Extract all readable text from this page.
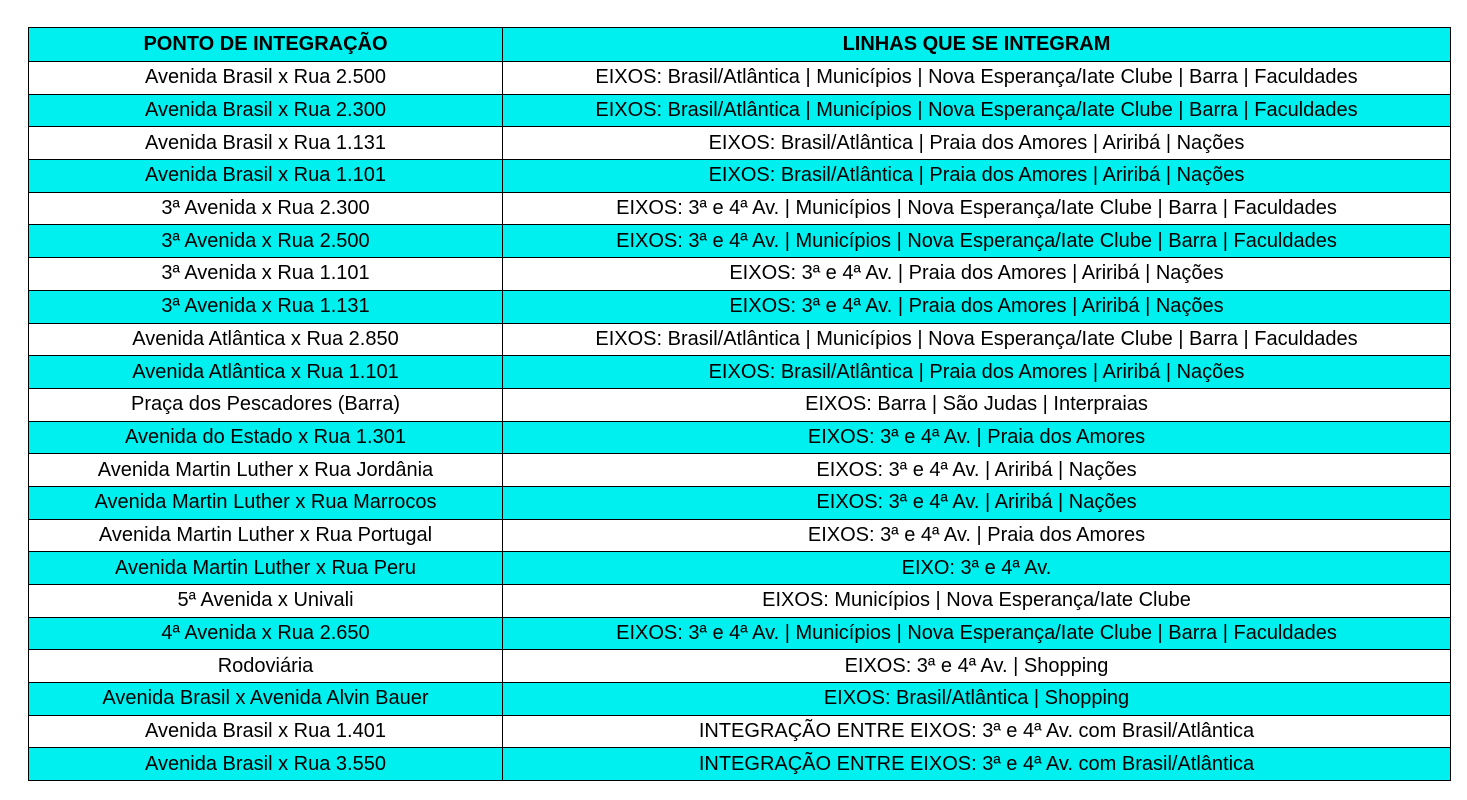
PONTO DE INTEGRAÇÃO	LINHAS QUE SE INTEGRAM
Avenida Brasil x Rua 2.500	EIXOS: Brasil/Atlântica | Municípios | Nova Esperança/Iate Clube | Barra | Faculdades
Avenida Brasil x Rua 2.300	EIXOS: Brasil/Atlântica | Municípios | Nova Esperança/Iate Clube | Barra | Faculdades
Avenida Brasil x Rua 1.131	EIXOS: Brasil/Atlântica | Praia dos Amores | Ariribá | Nações
Avenida Brasil x Rua 1.101	EIXOS: Brasil/Atlântica | Praia dos Amores | Ariribá | Nações
3ª Avenida x Rua 2.300	EIXOS: 3ª e 4ª Av. | Municípios | Nova Esperança/Iate Clube | Barra | Faculdades
3ª Avenida x Rua 2.500	EIXOS: 3ª e 4ª Av. | Municípios | Nova Esperança/Iate Clube | Barra | Faculdades
3ª Avenida x Rua 1.101	EIXOS: 3ª e 4ª Av. | Praia dos Amores | Ariribá | Nações
3ª Avenida x Rua 1.131	EIXOS: 3ª e 4ª Av. | Praia dos Amores | Ariribá | Nações
Avenida Atlântica x Rua 2.850	EIXOS: Brasil/Atlântica | Municípios | Nova Esperança/Iate Clube | Barra | Faculdades
Avenida Atlântica x Rua 1.101	EIXOS: Brasil/Atlântica | Praia dos Amores | Ariribá | Nações
Praça dos Pescadores (Barra)	EIXOS: Barra | São Judas | Interpraias
Avenida do Estado x Rua 1.301	EIXOS: 3ª e 4ª Av. | Praia dos Amores
Avenida Martin Luther x Rua Jordânia	EIXOS: 3ª e 4ª Av. | Ariribá | Nações
Avenida Martin Luther x Rua Marrocos	EIXOS: 3ª e 4ª Av. | Ariribá | Nações
Avenida Martin Luther x Rua Portugal	EIXOS: 3ª e 4ª Av. | Praia dos Amores
Avenida Martin Luther x Rua Peru	EIXO: 3ª e 4ª Av.
5ª Avenida x Univali	EIXOS: Municípios | Nova Esperança/Iate Clube
4ª Avenida x Rua 2.650	EIXOS: 3ª e 4ª Av. | Municípios | Nova Esperança/Iate Clube | Barra | Faculdades
Rodoviária	EIXOS: 3ª e 4ª Av. | Shopping
Avenida Brasil x Avenida Alvin Bauer	EIXOS: Brasil/Atlântica | Shopping
Avenida Brasil x Rua 1.401	INTEGRAÇÃO ENTRE EIXOS: 3ª e 4ª Av. com Brasil/Atlântica
Avenida Brasil x Rua 3.550	INTEGRAÇÃO ENTRE EIXOS: 3ª e 4ª Av. com Brasil/Atlântica
